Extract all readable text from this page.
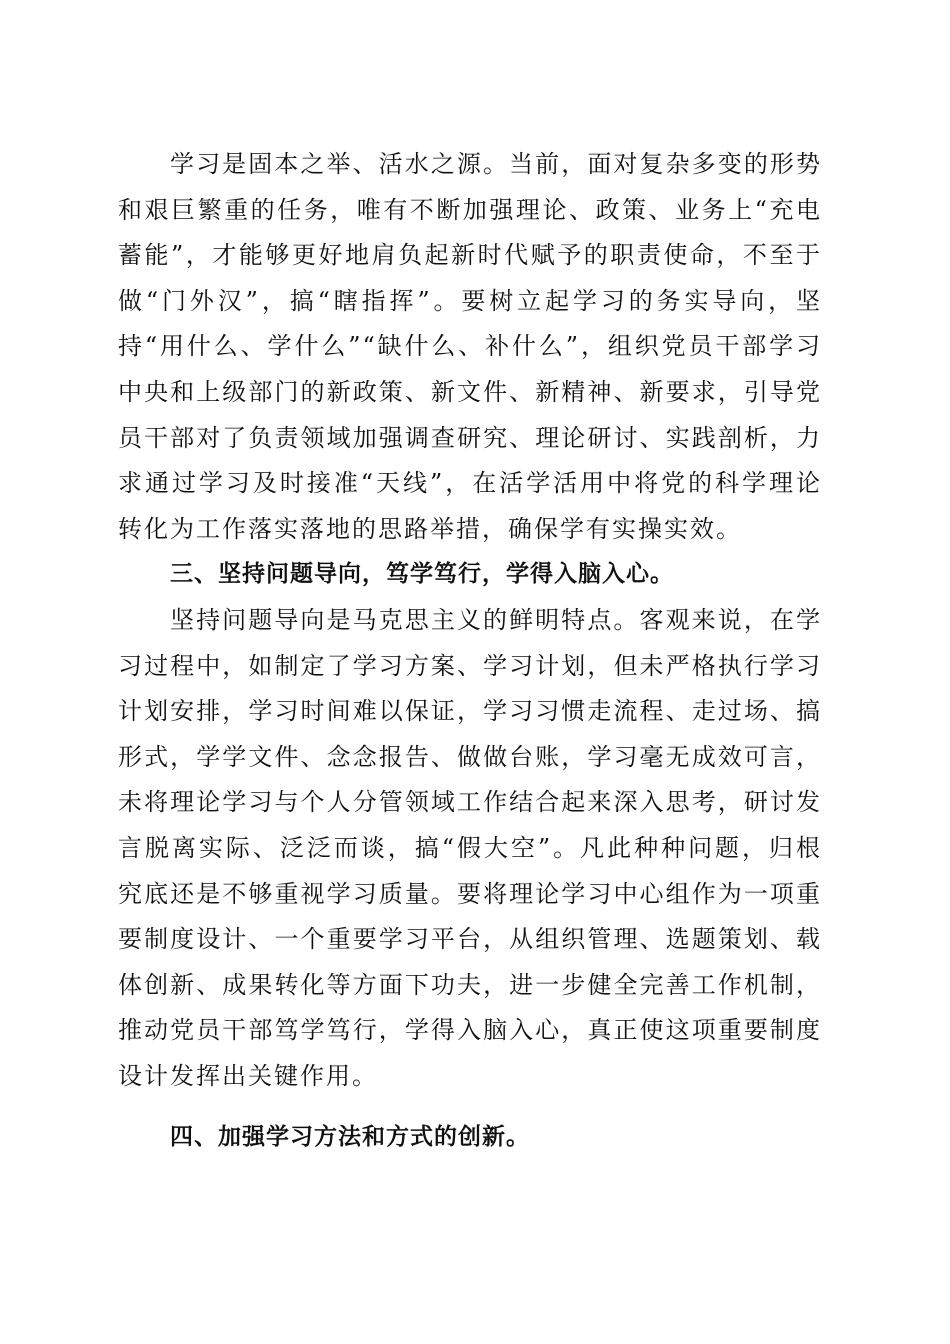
学习是固本之举、活水之源。当前，面对复杂多变的形势和艰巨繁重的任务，唯有不断加强理论、政策、业务上“充电蓄能”，才能够更好地肩负起新时代赋予的职责使命，不至于做“门外汉”，搞“瞎指挥”。要树立起学习的务实导向，坚持“用什么、学什么”“缺什么、补什么”，组织党员干部学习中央和上级部门的新政策、新文件、新精神、新要求，引导党员干部对了负责领域加强调查研究、理论研讨、实践剖析，力求通过学习及时接准“天线”，在活学活用中将党的科学理论转化为工作落实落地的思路举措，确保学有实操实效。

三、坚持问题导向，笃学笃行，学得入脑入心。

坚持问题导向是马克思主义的鲜明特点。客观来说，在学习过程中，如制定了学习方案、学习计划，但未严格执行学习计划安排，学习时间难以保证，学习习惯走流程、走过场、搞形式，学学文件、念念报告、做做台账，学习毫无成效可言，未将理论学习与个人分管领域工作结合起来深入思考，研讨发言脱离实际、泛泛而谈，搞“假大空”。凡此种种问题，归根究底还是不够重视学习质量。要将理论学习中心组作为一项重要制度设计、一个重要学习平台，从组织管理、选题策划、载体创新、成果转化等方面下功夫，进一步健全完善工作机制，推动党员干部笃学笃行，学得入脑入心，真正使这项重要制度设计发挥出关键作用。

四、加强学习方法和方式的创新。
